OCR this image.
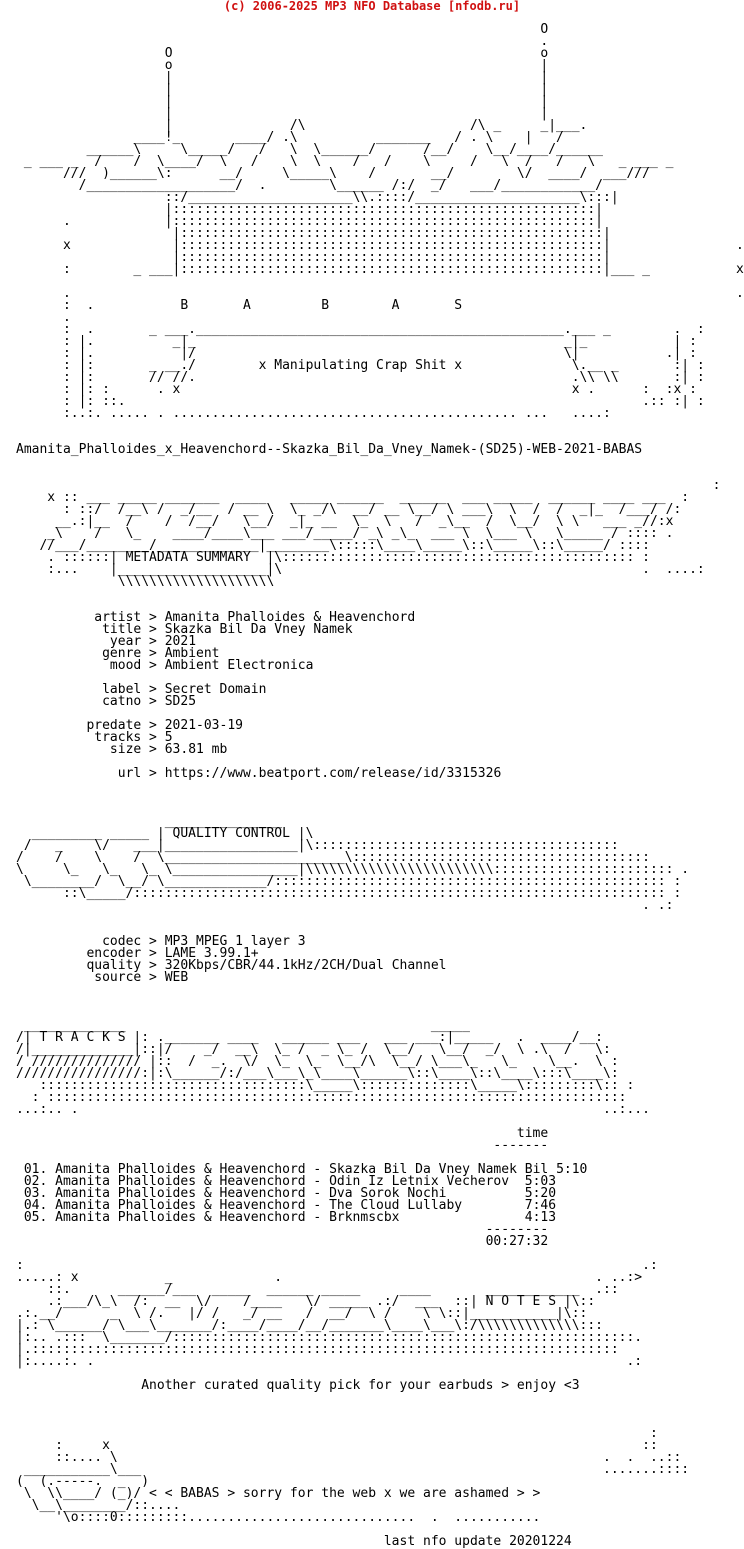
(c) 2006-2025 MP3 NFO Database [nfodb.ru]

O
.
O                                               o
o                                               |
|                                               |
|                                               |
|                                               |
|                                               |
|               /\                     /\ _     _|___.
____!_       ____/ .\          _______   / . \    |   /
______\     \_____/   /   \  \______/      /__/    \__/____/______
_ ___ _  /    /  \____/  \   /    \  \    /   /    \     /   \  /   /   \   _ ___ _
///  )______\:      __/     \_____\    /       __/        \/  ____/  ___///
/___________________/  .        \______ /:/  _/   ___/____________/
::/_____________________\\.::::/_____________________\:::|
|::::::::::::::::::::::::::::::::::::::::::::::::::::::|
.            |::::::::::::::::::::::::::::::::::::::::::::::::::::::|
|::::::::::::::::::::::::::::::::::::::::::::::::::::::|
x             |::::::::::::::::::::::::::::::::::::::::::::::::::::::|                .
|::::::::::::::::::::::::::::::::::::::::::::::::::::::|
:        _ ___|::::::::::::::::::::::::::::::::::::::::::::::::::::::|___ _           x

.                                                                                     .
:  .           B       A         B        A       S
.
:  .       _ ___._______________________________________________.___ _        .  :
: |.          _|_                                               _|_           | :
: |.           |/                                               \|           .| :
: |:       _ __./        x Manipulating Crap Shit x              \.__ _       :| :
: |:       // //.                                                .\\ \\       :| :
: |: :      . x                                                  x .      :  :x :
: |: ::.                                                                  .:: :| :
:..:. ..... . ............................................ ...   ....:

Amanita_Phalloides_x_Heavenchord--Skazka_Bil_Da_Vney_Namek-(SD25)-WEB-2021-BABAS

:
x :: ___ _____ _______  ____   _____ ______  ______  ___ _____  ______ ____ ___  :
: ::/  /__\ /  _/__  / __ \  \_ _/\  __/ __ \__/ \ ___\  \  /  /  _|_  /___/ /:
__.:|__  /    /  /__/   \__/  _|_ __  \_  \   /  _\__  /  \__/  \ \   ___ _//:x
_\    /   \_    ____/____\___ ___/_____/ _\ _\_  ___ \  \___ \   \_____ / :::: .
//___/________/_____________|________\:::::\____\_____\::\_____\::\_____/ ::::
. ::::::| METADATA SUMMARY  |\::::::::::::::::::::::::::::::::::::::::::::: :
:...    |___________________|\                                              .  ....:
\\\\\\\\\\\\\\\\\\\\

artist > Amanita Phalloides & Heavenchord
title > Skazka Bil Da Vney Namek
year > 2021
genre > Ambient
mood > Ambient Electronica

label > Secret Domain
catno > SD25

predate > 2021-03-19
tracks > 5
size > 63.81 mb

url > https://www.beatport.com/release/id/3315326

_______________
_________ _____ | QUALITY CONTROL |\
/   _    \/   ___|_________________|\:::::::::::::::::::::::::::::::::::::::
/    /    \    /  \_______________________\::::::::::::::::::::::::::::::::::::::
\     \_   \_   \_ \________________|\\\\\\\\\\\\\\\\\\\\\\\\::::::::::::::::::::::: .
\________/  \__/ \_____________/:::::::::::::::::::::::::::::::::::::::::::::::::: :
::\_____/:::::::::::::::::::::::::::::::::::::::::::::::::::::::::::::::::::: :
. .:

codec > MP3 MPEG 1 layer 3
encoder > LAME 3.99.1+
quality > 320Kbps/CBR/44.1kHz/2CH/Dual Channel
source > WEB

_____________                                       _____
/| T R A C K S |: ._______ ____   ______ ___   ___ ___:|_____   .  ____/__:
/|_____________|::|/    _/  __\  \_ /  _ \_ /  \__/   \__/  _/  \ .\  /   \:
/ ////////////// |::  /  _.  \/  \_  \_  \__/\  \__/ \___\_   \_    \__.  \ :
////////////////:|:\______/:/___\___\_\____\______\::\____\::\____\:::\____\:
::::::::::::::::::::::::::::::::::\_____\::::::::::::::\_____\:::::::::\:: :
: ::::::::::::::::::::::::::::::::::::::::::::::::::::::::::::::::::::::::::
...:.. .                                                                   ..:...

time
-------

01. Amanita Phalloides & Heavenchord - Skazka Bil Da Vney Namek Bil 5:10
02. Amanita Phalloides & Heavenchord - Odin Iz Letnix Vecherov 5:03
03. Amanita Phalloides & Heavenchord - Dva Sorok Nochi	5:20
04. Amanita Phalloides & Heavenchord - The Cloud Lullaby	7:46
05. Amanita Phalloides & Heavenchord - Brknmscbx	4:13
--------
00:27:32

:                                                                               .:
.....: x           _             .                                        . ..:>
::.      ______/___  _____  ______ _____     ____       ____________  .::
.:___/\_\  /:  __  \/    /____   \/ _____ .:/  ___  ::| N O T E S |\::
.:.__/      _  \ /.   |/ /   _/ __   /  __/  \ /    \ \::|___________|\::
|.: \______/ \___\_______/:____/____/__/_______\____\___\:/\\\\\\\\\\\\\:::
|:.. .:::  \_______/:::::::::::::::::::::::::::::::::::::::::::::::::::::::::::.
|.:::::::::::::::::::::::::::::::::::::::::::::::::::::::::::::::::::::::::::
|:....:. .                                                                    .:

Another curated quality pick for your earbuds > enjoy <3

:
:     x                                                                    ::
::.... \                                                              .  .  ..::
___________\___                                                           .......::::
(  (.-----.  _  )
\  \\____/ (_)/ < < BABAS > sorry for the web x we are ashamed > >
\__\________/::....
'\o::::0:::::::::.............................  .  ...........

last nfo update 20201224
